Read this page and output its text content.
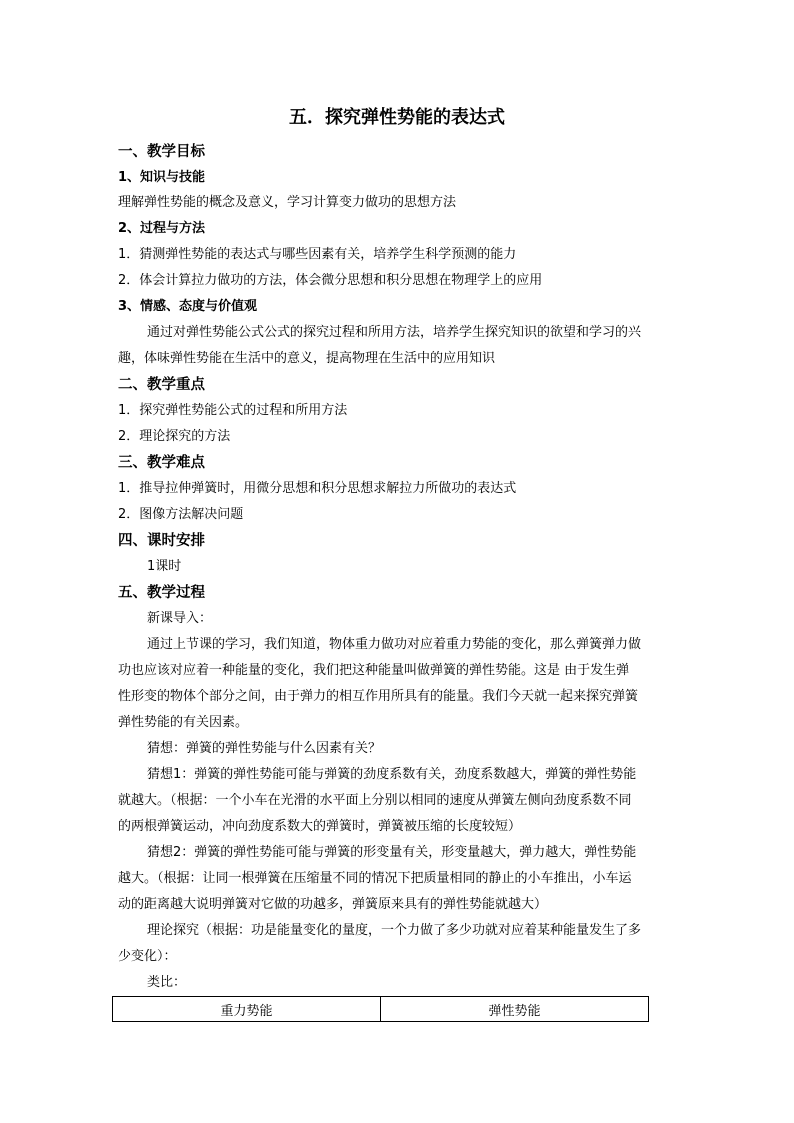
五．探究弹性势能的表达式
一、教学目标
1、知识与技能
理解弹性势能的概念及意义，学习计算变力做功的思想方法
2、过程与方法
1．猜测弹性势能的表达式与哪些因素有关，培养学生科学预测的能力
2．体会计算拉力做功的方法，体会微分思想和积分思想在物理学上的应用
3、情感、态度与价值观
通过对弹性势能公式公式的探究过程和所用方法，培养学生探究知识的欲望和学习的兴
趣，体味弹性势能在生活中的意义，提高物理在生活中的应用知识
二、教学重点
1．探究弹性势能公式的过程和所用方法
2．理论探究的方法
三、教学难点
1．推导拉伸弹簧时，用微分思想和积分思想求解拉力所做功的表达式
2．图像方法解决问题
四、课时安排
1课时
五、教学过程
新课导入：
通过上节课的学习，我们知道，物体重力做功对应着重力势能的变化，那么弹簧弹力做
功也应该对应着一种能量的变化，我们把这种能量叫做弹簧的弹性势能。这是 由于发生弹
性形变的物体个部分之间，由于弹力的相互作用所具有的能量。我们今天就一起来探究弹簧
弹性势能的有关因素。
猜想：弹簧的弹性势能与什么因素有关？
猜想1：弹簧的弹性势能可能与弹簧的劲度系数有关，劲度系数越大，弹簧的弹性势能
就越大。（根据：一个小车在光滑的水平面上分别以相同的速度从弹簧左侧向劲度系数不同
的两根弹簧运动，冲向劲度系数大的弹簧时，弹簧被压缩的长度较短）
猜想2：弹簧的弹性势能可能与弹簧的形变量有关，形变量越大，弹力越大，弹性势能
越大。（根据：让同一根弹簧在压缩量不同的情况下把质量相同的静止的小车推出，小车运
动的距离越大说明弹簧对它做的功越多，弹簧原来具有的弹性势能就越大）
理论探究（根据：功是能量变化的量度，一个力做了多少功就对应着某种能量发生了多
少变化）：
类比：
重力势能	弹性势能
